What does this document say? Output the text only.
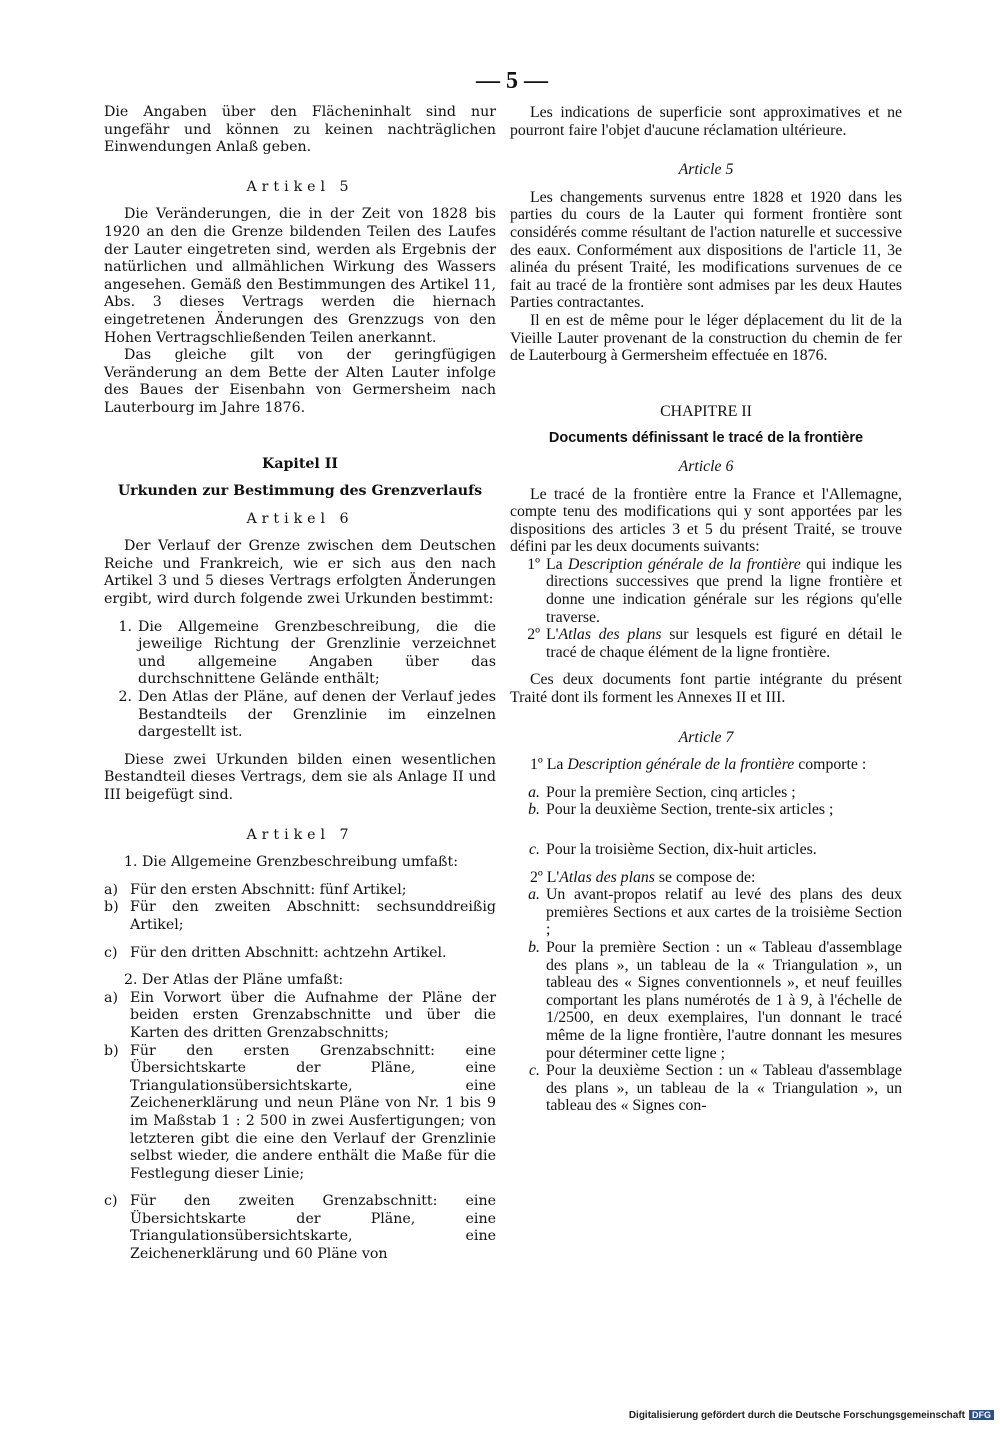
— 5 —

Die Angaben über den Flächeninhalt sind nur ungefähr und können zu keinen nachträglichen Einwendungen Anlaß geben.

Artikel 5

Die Veränderungen, die in der Zeit von 1828 bis 1920 an den die Grenze bildenden Teilen des Laufes der Lauter eingetreten sind, werden als Ergebnis der natürlichen und allmählichen Wirkung des Wassers angesehen. Gemäß den Bestimmungen des Artikel 11, Abs. 3 dieses Vertrags werden die hiernach eingetretenen Änderungen des Grenzzugs von den Hohen Vertragschließenden Teilen anerkannt.

Das gleiche gilt von der geringfügigen Veränderung an dem Bette der Alten Lauter infolge des Baues der Eisenbahn von Germersheim nach Lauterbourg im Jahre 1876.

Kapitel II

Urkunden zur Bestimmung des Grenzverlaufs

Artikel 6

Der Verlauf der Grenze zwischen dem Deutschen Reiche und Frankreich, wie er sich aus den nach Artikel 3 und 5 dieses Vertrags erfolgten Änderungen ergibt, wird durch folgende zwei Urkunden bestimmt:

1. Die Allgemeine Grenzbeschreibung, die die jeweilige Richtung der Grenzlinie verzeichnet und allgemeine Angaben über das durchschnittene Gelände enthält;
2. Den Atlas der Pläne, auf denen der Verlauf jedes Bestandteils der Grenzlinie im einzelnen dargestellt ist.

Diese zwei Urkunden bilden einen wesentlichen Bestandteil dieses Vertrags, dem sie als Anlage II und III beigefügt sind.

Artikel 7

1. Die Allgemeine Grenzbeschreibung umfaßt:

a) Für den ersten Abschnitt: fünf Artikel;
b) Für den zweiten Abschnitt: sechsunddreißig Artikel;
c) Für den dritten Abschnitt: achtzehn Artikel.

2. Der Atlas der Pläne umfaßt:

a) Ein Vorwort über die Aufnahme der Pläne der beiden ersten Grenzabschnitte und über die Karten des dritten Grenzabschnitts;
b) Für den ersten Grenzabschnitt: eine Übersichtskarte der Pläne, eine Triangulationsübersichtskarte, eine Zeichenerklärung und neun Pläne von Nr. 1 bis 9 im Maßstab 1 : 2 500 in zwei Ausfertigungen; von letzteren gibt die eine den Verlauf der Grenzlinie selbst wieder, die andere enthält die Maße für die Festlegung dieser Linie;
c) Für den zweiten Grenzabschnitt: eine Übersichtskarte der Pläne, eine Triangulationsübersichtskarte, eine Zeichenerklärung und 60 Pläne von

Les indications de superficie sont approximatives et ne pourront faire l'objet d'aucune réclamation ultérieure.

Article 5

Les changements survenus entre 1828 et 1920 dans les parties du cours de la Lauter qui forment frontière sont considérés comme résultant de l'action naturelle et successive des eaux. Conformément aux dispositions de l'article 11, 3e alinéa du présent Traité, les modifications survenues de ce fait au tracé de la frontière sont admises par les deux Hautes Parties contractantes.

Il en est de même pour le léger déplacement du lit de la Vieille Lauter provenant de la construction du chemin de fer de Lauterbourg à Germersheim effectuée en 1876.

CHAPITRE II

Documents définissant le tracé de la frontière

Article 6

Le tracé de la frontière entre la France et l'Allemagne, compte tenu des modifications qui y sont apportées par les dispositions des articles 3 et 5 du présent Traité, se trouve défini par les deux documents suivants:

1º La Description générale de la frontière qui indique les directions successives que prend la ligne frontière et donne une indication générale sur les régions qu'elle traverse.
2º L'Atlas des plans sur lesquels est figuré en détail le tracé de chaque élément de la ligne frontière.

Ces deux documents font partie intégrante du présent Traité dont ils forment les Annexes II et III.

Article 7

1º La Description générale de la frontière comporte :

a. Pour la première Section, cinq articles ;
b. Pour la deuxième Section, trente-six articles ;
c. Pour la troisième Section, dix-huit articles.

2º L'Atlas des plans se compose de:

a. Un avant-propos relatif au levé des plans des deux premières Sections et aux cartes de la troisième Section ;
b. Pour la première Section : un « Tableau d'assemblage des plans », un tableau de la « Triangulation », un tableau des « Signes conventionnels », et neuf feuilles comportant les plans numérotés de 1 à 9, à l'échelle de 1/2500, en deux exemplaires, l'un donnant le tracé même de la ligne frontière, l'autre donnant les mesures pour déterminer cette ligne ;
c. Pour la deuxième Section : un « Tableau d'assemblage des plans », un tableau de la « Triangulation », un tableau des « Signes con-
Digitalisierung gefördert durch die Deutsche Forschungsgemeinschaft DFG
